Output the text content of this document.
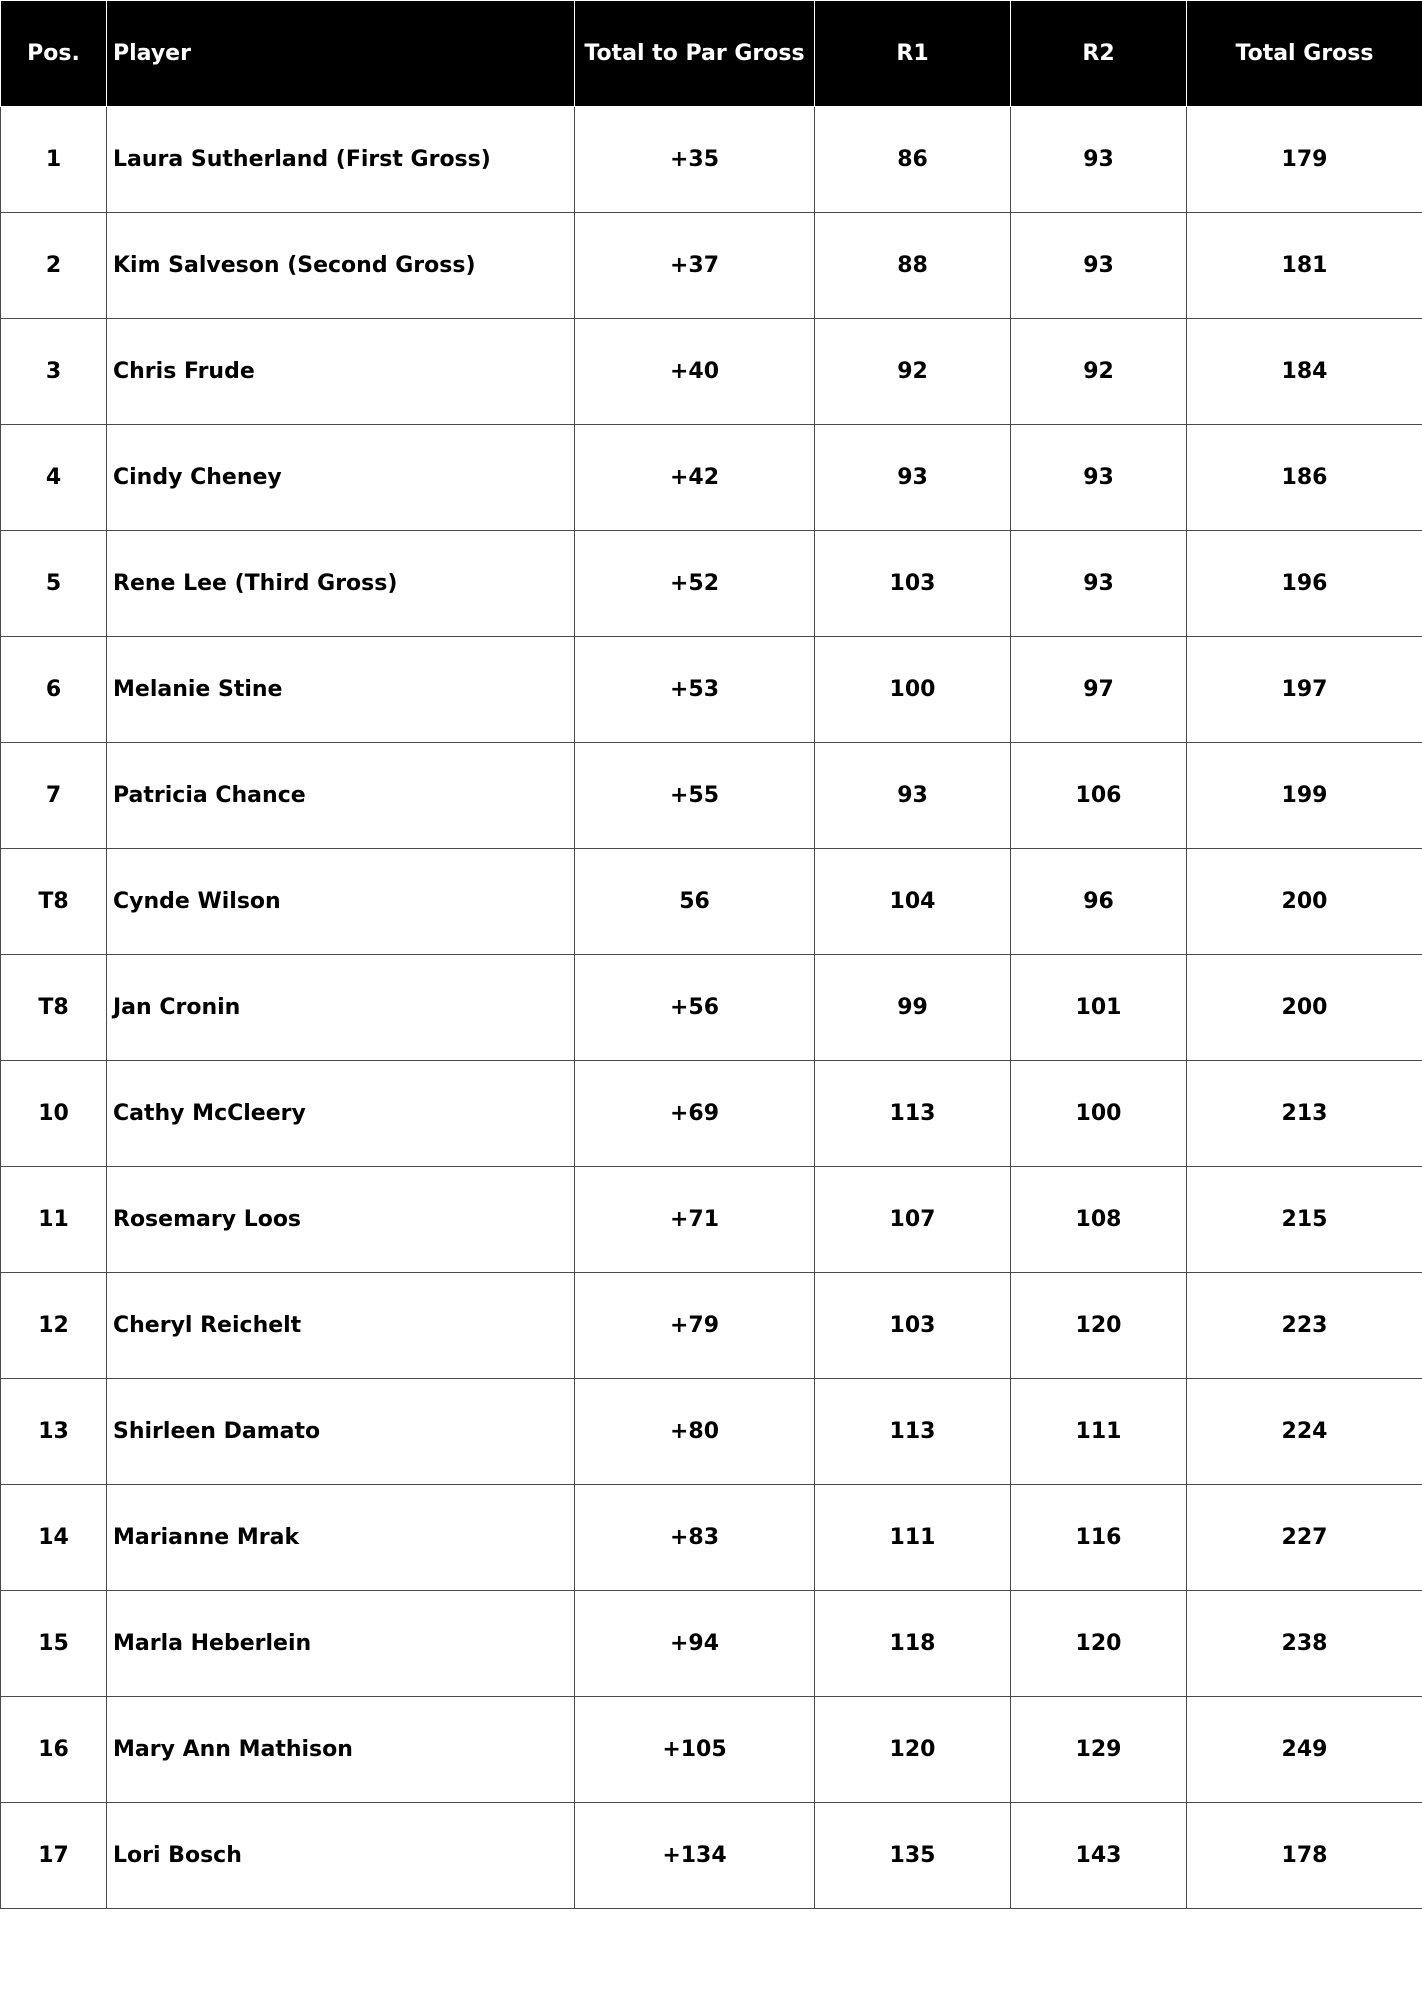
Pos.	Player	Total to Par Gross	R1	R2	Total Gross
1	Laura Sutherland (First Gross)	+35	86	93	179
2	Kim Salveson (Second Gross)	+37	88	93	181
3	Chris Frude	+40	92	92	184
4	Cindy Cheney	+42	93	93	186
5	Rene Lee (Third Gross)	+52	103	93	196
6	Melanie Stine	+53	100	97	197
7	Patricia Chance	+55	93	106	199
T8	Cynde Wilson	56	104	96	200
T8	Jan Cronin	+56	99	101	200
10	Cathy McCleery	+69	113	100	213
11	Rosemary Loos	+71	107	108	215
12	Cheryl Reichelt	+79	103	120	223
13	Shirleen Damato	+80	113	111	224
14	Marianne Mrak	+83	111	116	227
15	Marla Heberlein	+94	118	120	238
16	Mary Ann Mathison	+105	120	129	249
17	Lori Bosch	+134	135	143	178
